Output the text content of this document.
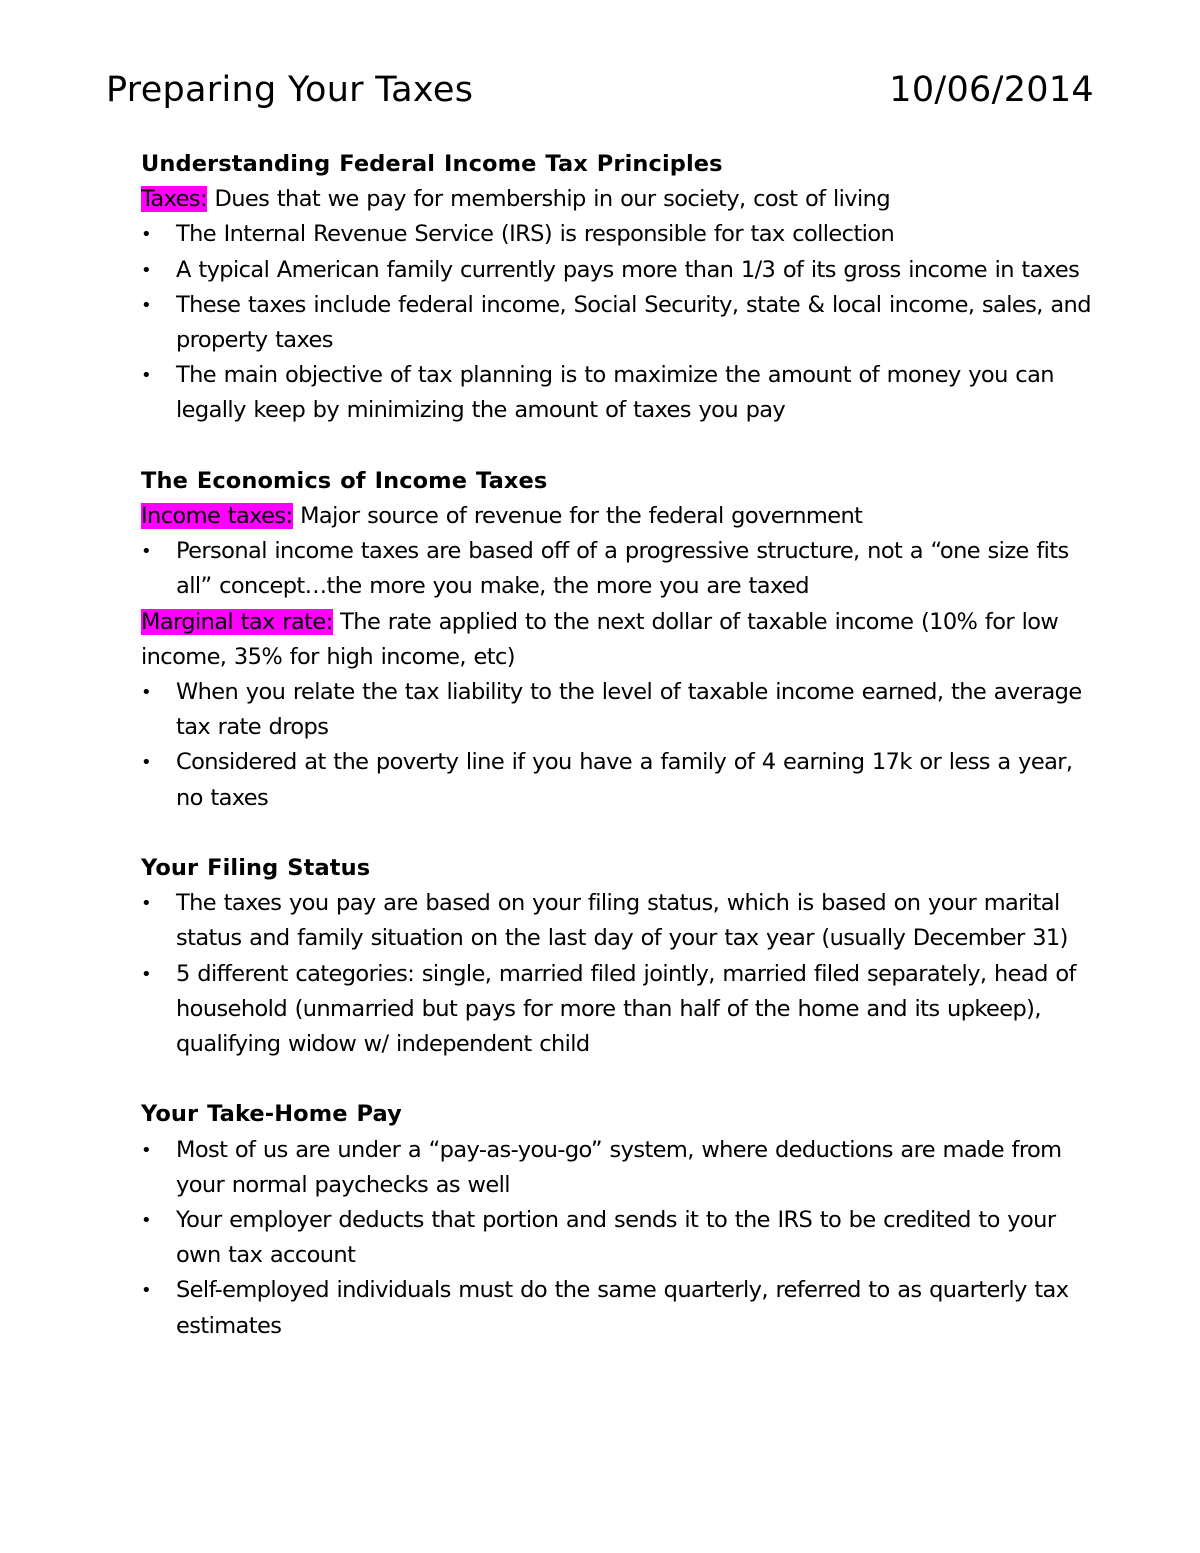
Preparing Your Taxes	10/06/2014
Understanding Federal Income Tax Principles
Taxes: Dues that we pay for membership in our society, cost of living
•	The Internal Revenue Service (IRS) is responsible for tax collection
•	A typical American family currently pays more than 1/3 of its gross income in taxes
•	These taxes include federal income, Social Security, state & local income, sales, and property taxes
•	The main objective of tax planning is to maximize the amount of money you can legally keep by minimizing the amount of taxes you pay
The Economics of Income Taxes
Income taxes: Major source of revenue for the federal government
•	Personal income taxes are based off of a progressive structure, not a “one size fits all” concept…the more you make, the more you are taxed
Marginal tax rate: The rate applied to the next dollar of taxable income (10% for low income, 35% for high income, etc)
•	When you relate the tax liability to the level of taxable income earned, the average tax rate drops
•	Considered at the poverty line if you have a family of 4 earning 17k or less a year, no taxes
Your Filing Status
•	The taxes you pay are based on your filing status, which is based on your marital status and family situation on the last day of your tax year (usually December 31)
•	5 different categories: single, married filed jointly, married filed separately, head of household (unmarried but pays for more than half of the home and its upkeep), qualifying widow w/ independent child
Your Take-Home Pay
•	Most of us are under a “pay-as-you-go” system, where deductions are made from your normal paychecks as well
•	Your employer deducts that portion and sends it to the IRS to be credited to your own tax account
•	Self-employed individuals must do the same quarterly, referred to as quarterly tax estimates
